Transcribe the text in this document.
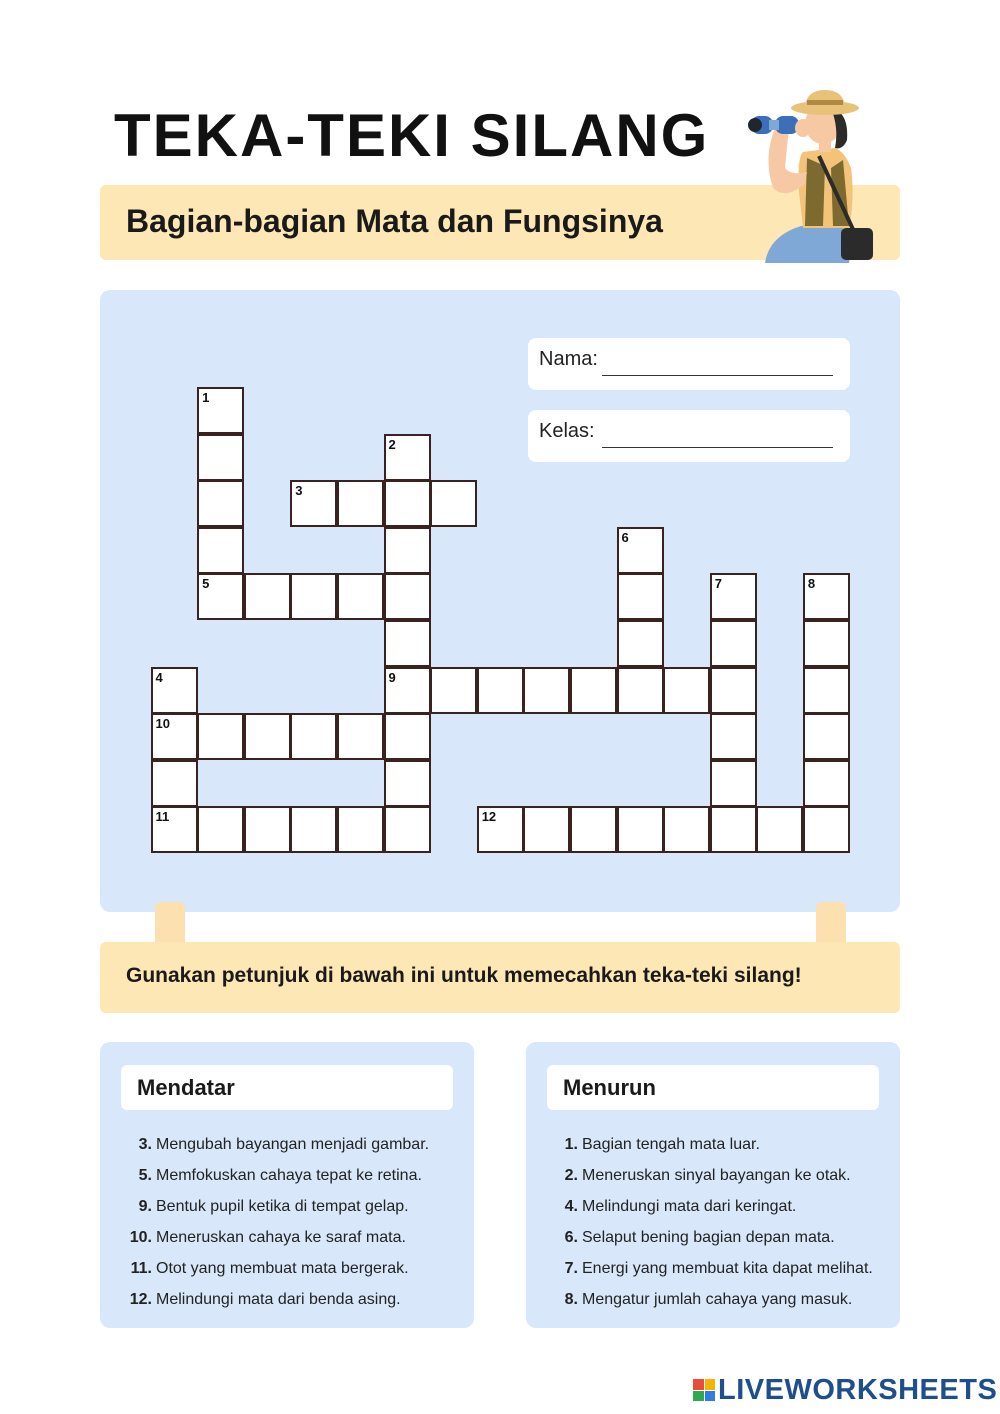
TEKA-TEKI SILANG
Bagian-bagian Mata dan Fungsinya
Nama:
Kelas:
1
5
2
9
3
4
10
11
6
7	8
12
Gunakan petunjuk di bawah ini untuk memecahkan teka-teki silang!
Mendatar
3. Mengubah bayangan menjadi gambar.
5. Memfokuskan cahaya tepat ke retina.
9. Bentuk pupil ketika di tempat gelap.
10. Meneruskan cahaya ke saraf mata.
11. Otot yang membuat mata bergerak.
12. Melindungi mata dari benda asing.
Menurun
1. Bagian tengah mata luar.
2. Meneruskan sinyal bayangan ke otak.
4. Melindungi mata dari keringat.
6. Selaput bening bagian depan mata.
7. Energi yang membuat kita dapat melihat.
8. Mengatur jumlah cahaya yang masuk.
LIVEWORKSHEETS
